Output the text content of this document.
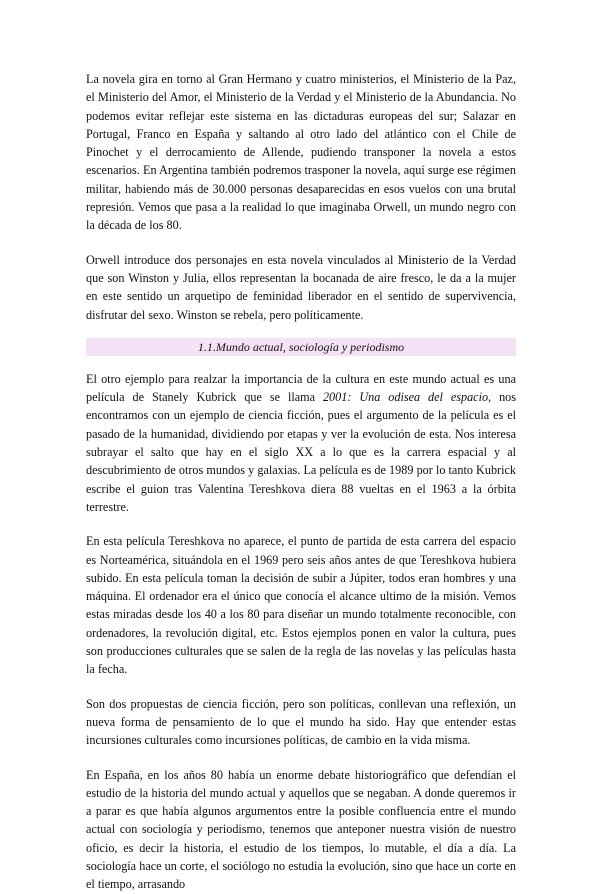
La novela gira en torno al Gran Hermano y cuatro ministerios, el Ministerio de la Paz, el Ministerio del Amor, el Ministerio de la Verdad y el Ministerio de la Abundancia. No podemos evitar reflejar este sistema en las dictaduras europeas del sur; Salazar en Portugal, Franco en España y saltando al otro lado del atlántico con el Chile de Pinochet y el derrocamiento de Allende, pudiendo transponer la novela a estos escenarios. En Argentina también podremos trasponer la novela, aquí surge ese régimen militar, habiendo más de 30.000 personas desaparecidas en esos vuelos con una brutal represión. Vemos que pasa a la realidad lo que imaginaba Orwell, un mundo negro con la década de los 80.

Orwell introduce dos personajes en esta novela vinculados al Ministerio de la Verdad que son Winston y Julia, ellos representan la bocanada de aire fresco, le da a la mujer en este sentido un arquetipo de feminidad liberador en el sentido de supervivencia, disfrutar del sexo. Winston se rebela, pero políticamente.

1.1.Mundo actual, sociología y periodismo

El otro ejemplo para realzar la importancia de la cultura en este mundo actual es una película de Stanely Kubrick que se llama 2001: Una odisea del espacio, nos encontramos con un ejemplo de ciencia ficción, pues el argumento de la película es el pasado de la humanidad, dividiendo por etapas y ver la evolución de esta. Nos interesa subrayar el salto que hay en el siglo XX a lo que es la carrera espacial y al descubrimiento de otros mundos y galaxias. La película es de 1989 por lo tanto Kubrick escribe el guion tras Valentina Tereshkova diera 88 vueltas en el 1963 a la órbita terrestre.

En esta película Tereshkova no aparece, el punto de partida de esta carrera del espacio es Norteamérica, situándola en el 1969 pero seis años antes de que Tereshkova hubiera subido. En esta película toman la decisión de subir a Júpiter, todos eran hombres y una máquina. El ordenador era el único que conocía el alcance ultimo de la misión. Vemos estas miradas desde los 40 a los 80 para diseñar un mundo totalmente reconocible, con ordenadores, la revolución digital, etc. Estos ejemplos ponen en valor la cultura, pues son producciones culturales que se salen de la regla de las novelas y las películas hasta la fecha.

Son dos propuestas de ciencia ficción, pero son políticas, conllevan una reflexión, un nueva forma de pensamiento de lo que el mundo ha sido. Hay que entender estas incursiones culturales como incursiones políticas, de cambio en la vida misma.

En España, en los años 80 había un enorme debate historiográfico que defendían el estudio de la historia del mundo actual y aquellos que se negaban. A donde queremos ir a parar es que había algunos argumentos entre la posible confluencia entre el mundo actual con sociología y periodismo, tenemos que anteponer nuestra visión de nuestro oficio, es decir la historia, el estudio de los tiempos, lo mutable, el día a día. La sociología hace un corte, el sociólogo no estudia la evolución, sino que hace un corte en el tiempo, arrasando
